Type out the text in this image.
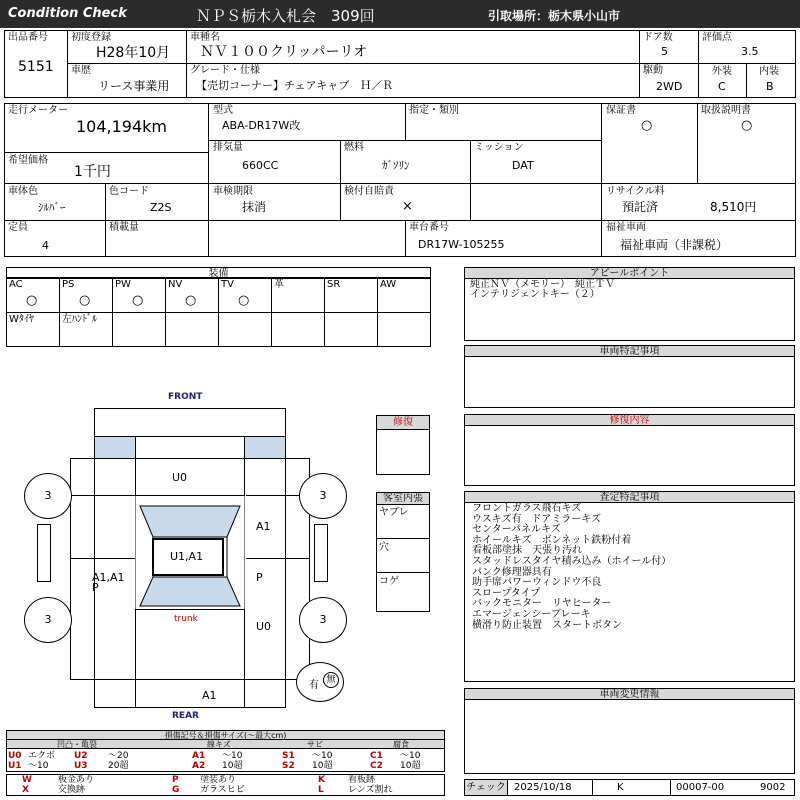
Condition Check	ＮＰＳ栃木入札会　309回	引取場所：栃木県小山市
出品番号
5151
初度登録
H28年10月
車歴
リース事業用
車種名
ＮＶ１００クリッパーリオ
グレード・仕様
【売切コーナー】チェアキャブ　Ｈ／Ｒ
ドア数
5
駆動
2WD
評価点
3.5
外装
C
内装
B
走行メーター
104,194km
希望価格
1千円
型式
ABA-DR17W改
指定・類別
排気量
660CC
燃料
ｶﾞｿﾘﾝ
ミッション
DAT
保証書
○
取扱説明書
○
車体色
ｼﾙﾊﾞｰ
色コード
Z2S
車検期限
抹消
検付自賠責
×
リサイクル料
預託済	8,510円
定員
4
積載量	車台番号
DR17W-105255
福祉車両
福祉車両（非課税）
装備
AC
○
PS
○
PW
○
NV
○
TV
○
革	SR	AW
Wﾀｲﾔ	左ﾊﾝﾄﾞﾙ
アピールポイント
純正ＮＶ（メモリー）　純正ＴＶ
インテリジェントキー（２）
車両特記事項
修復内容
査定特記事項
フロントガラス飛石キズ
ウスキズ有　ドアミラーキズ
センターパネルキズ
ホイールキズ　ボンネット鉄粉付着
看板部塗抹　天張り汚れ
スタッドレスタイヤ積み込み（ホイール付）
パンク修理器具有
助手席パワーウィンドウ不良
スロープタイプ
バックモニター　リヤヒーター
エマージェンシーブレーキ
横滑り防止装置　スタートボタン
車両変更情報
修復
客室内張
ヤブレ
穴
コゲ
FRONT
REAR
U0
U1,A1
A1
A1,A1
P
P
U0
trunk
A1
3	3
3	3
有 無
損傷記号＆損傷サイズ(～最大cm)
凹凸・亀裂	線キズ	サビ	腐食
U0 エクボ U2 ～20	A1 ～10	S1 ～10	C1 ～10
U1 ～10	U3 20超	A2 10超	S2 10超	C2 10超
W	板金あり	P 塗装あり	K	看板跡
X	交換跡	G ガラスヒビ	L	レンズ割れ	チェック 2025/10/18	K	00007-00	9002
